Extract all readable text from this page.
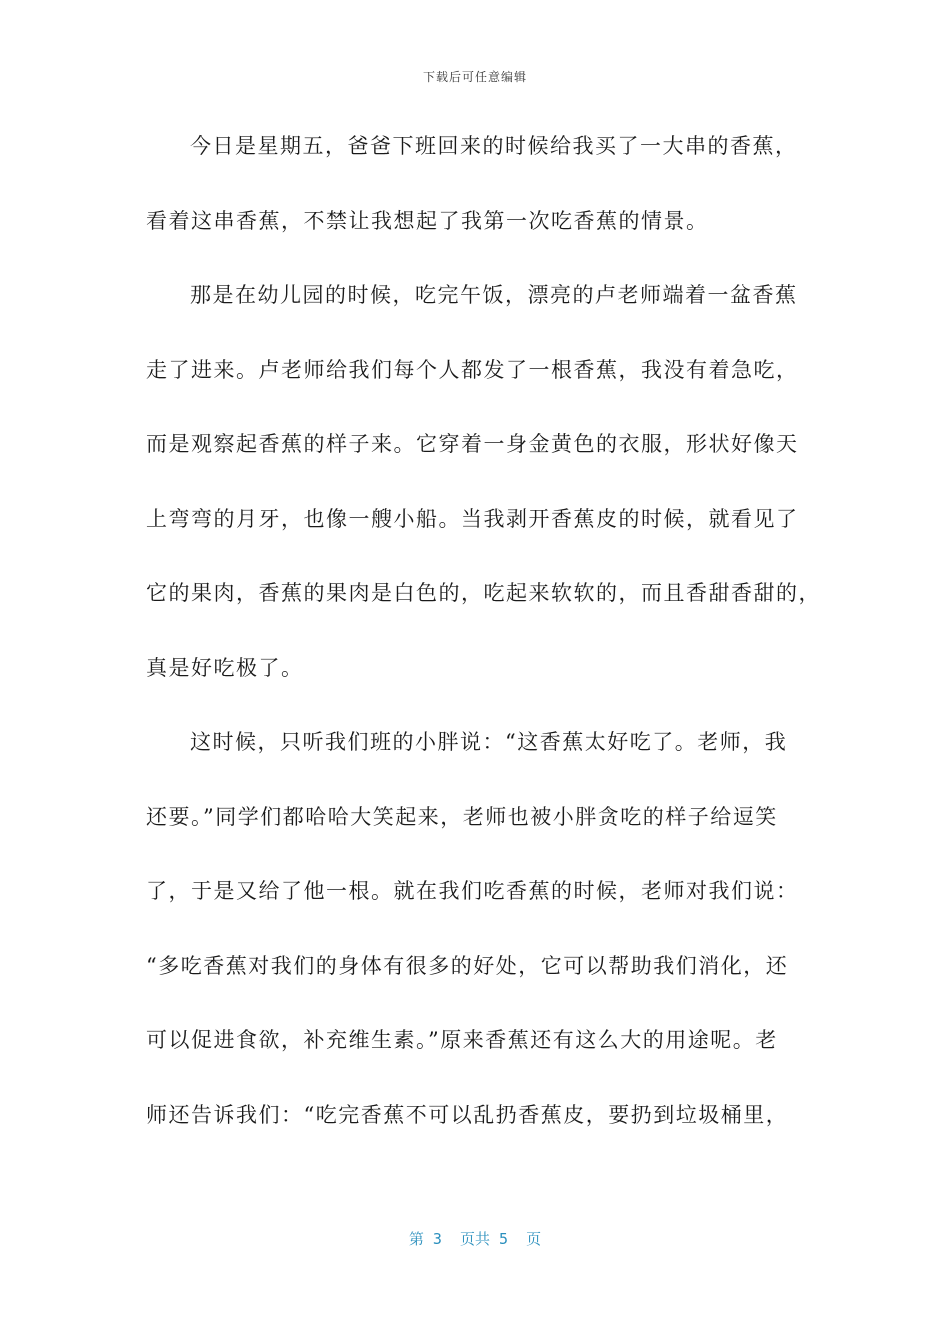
下载后可任意编辑
今日是星期五，爸爸下班回来的时候给我买了一大串的香蕉，
看着这串香蕉，不禁让我想起了我第一次吃香蕉的情景。
那是在幼儿园的时候，吃完午饭，漂亮的卢老师端着一盆香蕉
走了进来。卢老师给我们每个人都发了一根香蕉，我没有着急吃，
而是观察起香蕉的样子来。它穿着一身金黄色的衣服，形状好像天
上弯弯的月牙，也像一艘小船。当我剥开香蕉皮的时候，就看见了
它的果肉，香蕉的果肉是白色的，吃起来软软的，而且香甜香甜的，
真是好吃极了。
这时候，只听我们班的小胖说：“这香蕉太好吃了。老师，我
还要。”同学们都哈哈大笑起来，老师也被小胖贪吃的样子给逗笑
了，于是又给了他一根。就在我们吃香蕉的时候，老师对我们说：
“多吃香蕉对我们的身体有很多的好处，它可以帮助我们消化，还
可以促进食欲，补充维生素。”原来香蕉还有这么大的用途呢。老
师还告诉我们：“吃完香蕉不可以乱扔香蕉皮，要扔到垃圾桶里，
第 3  页共 5  页
